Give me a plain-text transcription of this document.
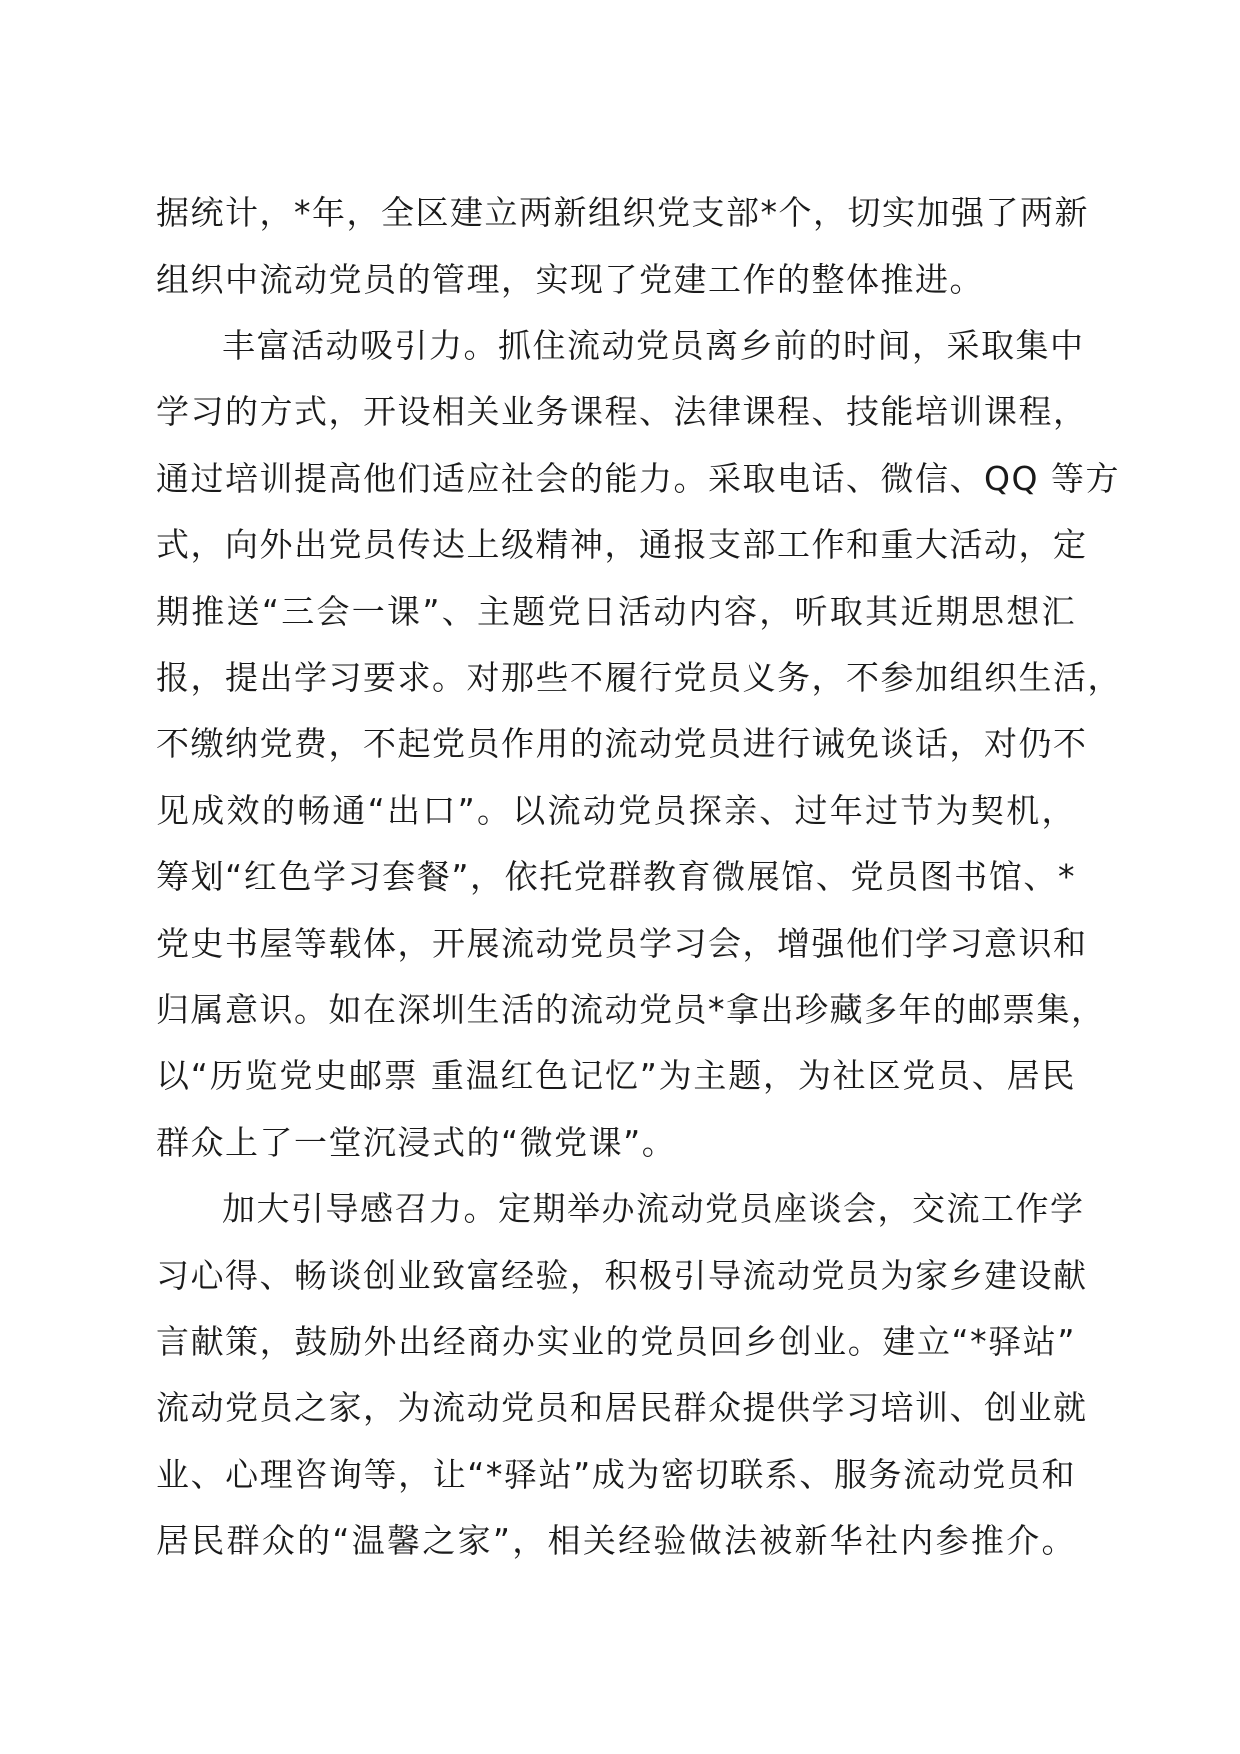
据统计，*年，全区建立两新组织党支部*个，切实加强了两新
组织中流动党员的管理，实现了党建工作的整体推进。
丰富活动吸引力。抓住流动党员离乡前的时间，采取集中
学习的方式，开设相关业务课程、法律课程、技能培训课程，
通过培训提高他们适应社会的能力。采取电话、微信、QQ 等方
式，向外出党员传达上级精神，通报支部工作和重大活动，定
期推送“三会一课”、主题党日活动内容，听取其近期思想汇
报，提出学习要求。对那些不履行党员义务，不参加组织生活，
不缴纳党费，不起党员作用的流动党员进行诫免谈话，对仍不
见成效的畅通“出口”。以流动党员探亲、过年过节为契机，
筹划“红色学习套餐”，依托党群教育微展馆、党员图书馆、*
党史书屋等载体，开展流动党员学习会，增强他们学习意识和
归属意识。如在深圳生活的流动党员*拿出珍藏多年的邮票集，
以“历览党史邮票 重温红色记忆”为主题，为社区党员、居民
群众上了一堂沉浸式的“微党课”。
加大引导感召力。定期举办流动党员座谈会，交流工作学
习心得、畅谈创业致富经验，积极引导流动党员为家乡建设献
言献策，鼓励外出经商办实业的党员回乡创业。建立“*驿站”
流动党员之家，为流动党员和居民群众提供学习培训、创业就
业、心理咨询等，让“*驿站”成为密切联系、服务流动党员和
居民群众的“温馨之家”，相关经验做法被新华社内参推介。
